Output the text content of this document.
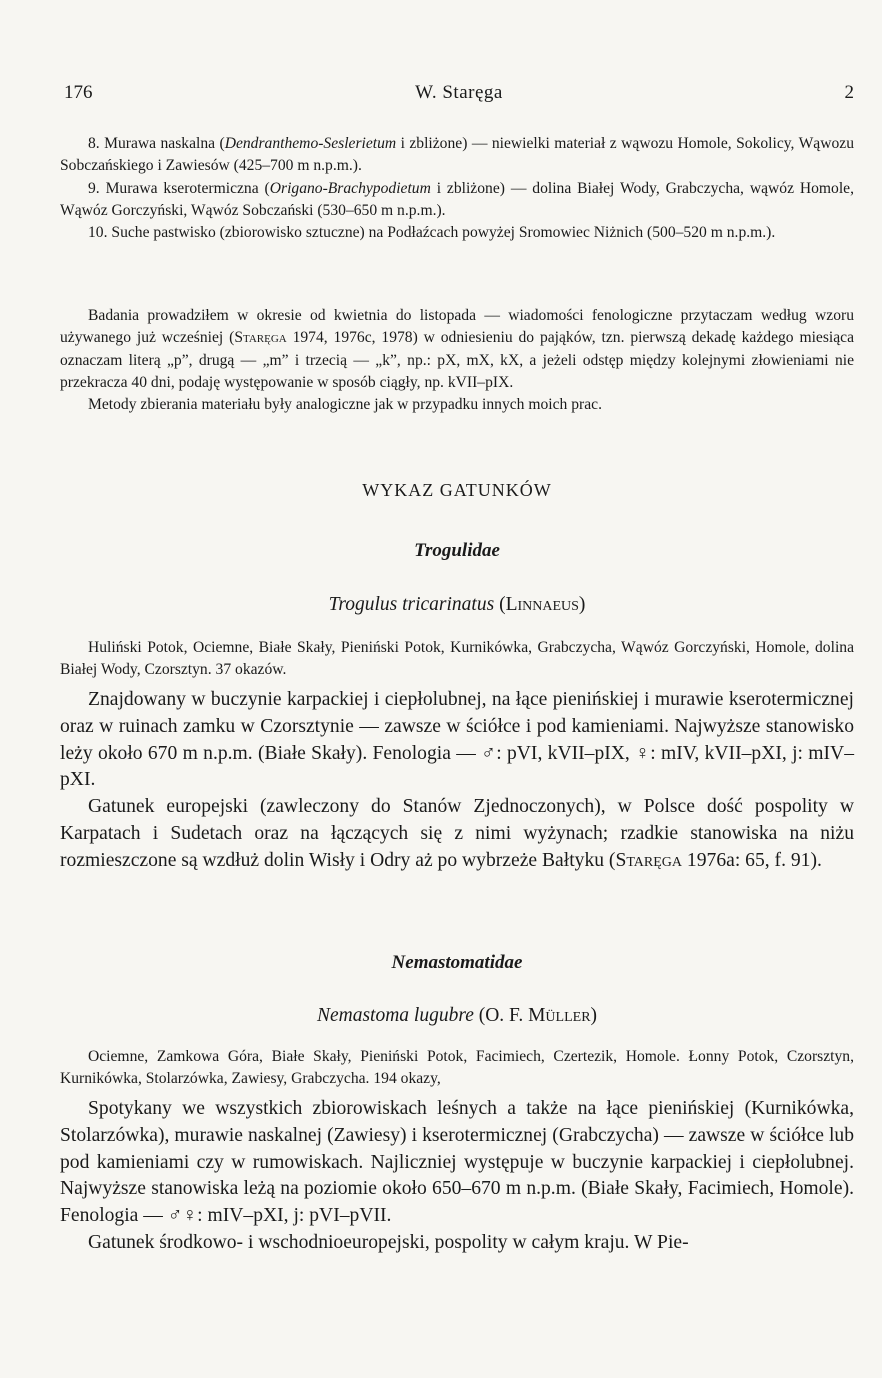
176	W. Staręga	2

8. Murawa naskalna (Dendranthemo-Seslerietum i zbliżone) — niewielki materiał z wąwozu Homole, Sokolicy, Wąwozu Sobczańskiego i Zawiesów (425–700 m n.p.m.).

9. Murawa kserotermiczna (Origano-Brachypodietum i zbliżone) — dolina Białej Wody, Grabczycha, wąwóz Homole, Wąwóz Gorczyński, Wąwóz Sobczański (530–650 m n.p.m.).

10. Suche pastwisko (zbiorowisko sztuczne) na Podłaźcach powyżej Sromowiec Niżnich (500–520 m n.p.m.).

Badania prowadziłem w okresie od kwietnia do listopada — wiadomości fenologiczne przytaczam według wzoru używanego już wcześniej (Staręga 1974, 1976c, 1978) w odniesieniu do pająków, tzn. pierwszą dekadę każdego miesiąca oznaczam literą „p”, drugą — „m” i trzecią — „k”, np.: pX, mX, kX, a jeżeli odstęp między kolejnymi złowieniami nie przekracza 40 dni, podaję występowanie w sposób ciągły, np. kVII–pIX.

Metody zbierania materiału były analogiczne jak w przypadku innych moich prac.

WYKAZ GATUNKÓW
Trogulidae
Trogulus tricarinatus (Linnaeus)

Huliński Potok, Ociemne, Białe Skały, Pieniński Potok, Kurnikówka, Grabczycha, Wąwóz Gorczyński, Homole, dolina Białej Wody, Czorsztyn. 37 okazów.

Znajdowany w buczynie karpackiej i ciepłolubnej, na łące pienińskiej i murawie kserotermicznej oraz w ruinach zamku w Czorsztynie — zawsze w ściółce i pod kamieniami. Najwyższe stanowisko leży około 670 m n.p.m. (Białe Skały). Fenologia — ♂: pVI, kVII–pIX, ♀: mIV, kVII–pXI, j: mIV–pXI.

Gatunek europejski (zawleczony do Stanów Zjednoczonych), w Polsce dość pospolity w Karpatach i Sudetach oraz na łączących się z nimi wyżynach; rzadkie stanowiska na niżu rozmieszczone są wzdłuż dolin Wisły i Odry aż po wybrzeże Bałtyku (Staręga 1976a: 65, f. 91).

Nemastomatidae
Nemastoma lugubre (O. F. Müller)

Ociemne, Zamkowa Góra, Białe Skały, Pieniński Potok, Facimiech, Czertezik, Homole. Łonny Potok, Czorsztyn, Kurnikówka, Stolarzówka, Zawiesy, Grabczycha. 194 okazy,

Spotykany we wszystkich zbiorowiskach leśnych a także na łące pienińskiej (Kurnikówka, Stolarzówka), murawie naskalnej (Zawiesy) i kserotermicznej (Grabczycha) — zawsze w ściółce lub pod kamieniami czy w rumowiskach. Najliczniej występuje w buczynie karpackiej i ciepłolubnej. Najwyższe stanowiska leżą na poziomie około 650–670 m n.p.m. (Białe Skały, Facimiech, Homole). Fenologia — ♂♀: mIV–pXI, j: pVI–pVII.

Gatunek środkowo- i wschodnioeuropejski, pospolity w całym kraju. W Pie-
